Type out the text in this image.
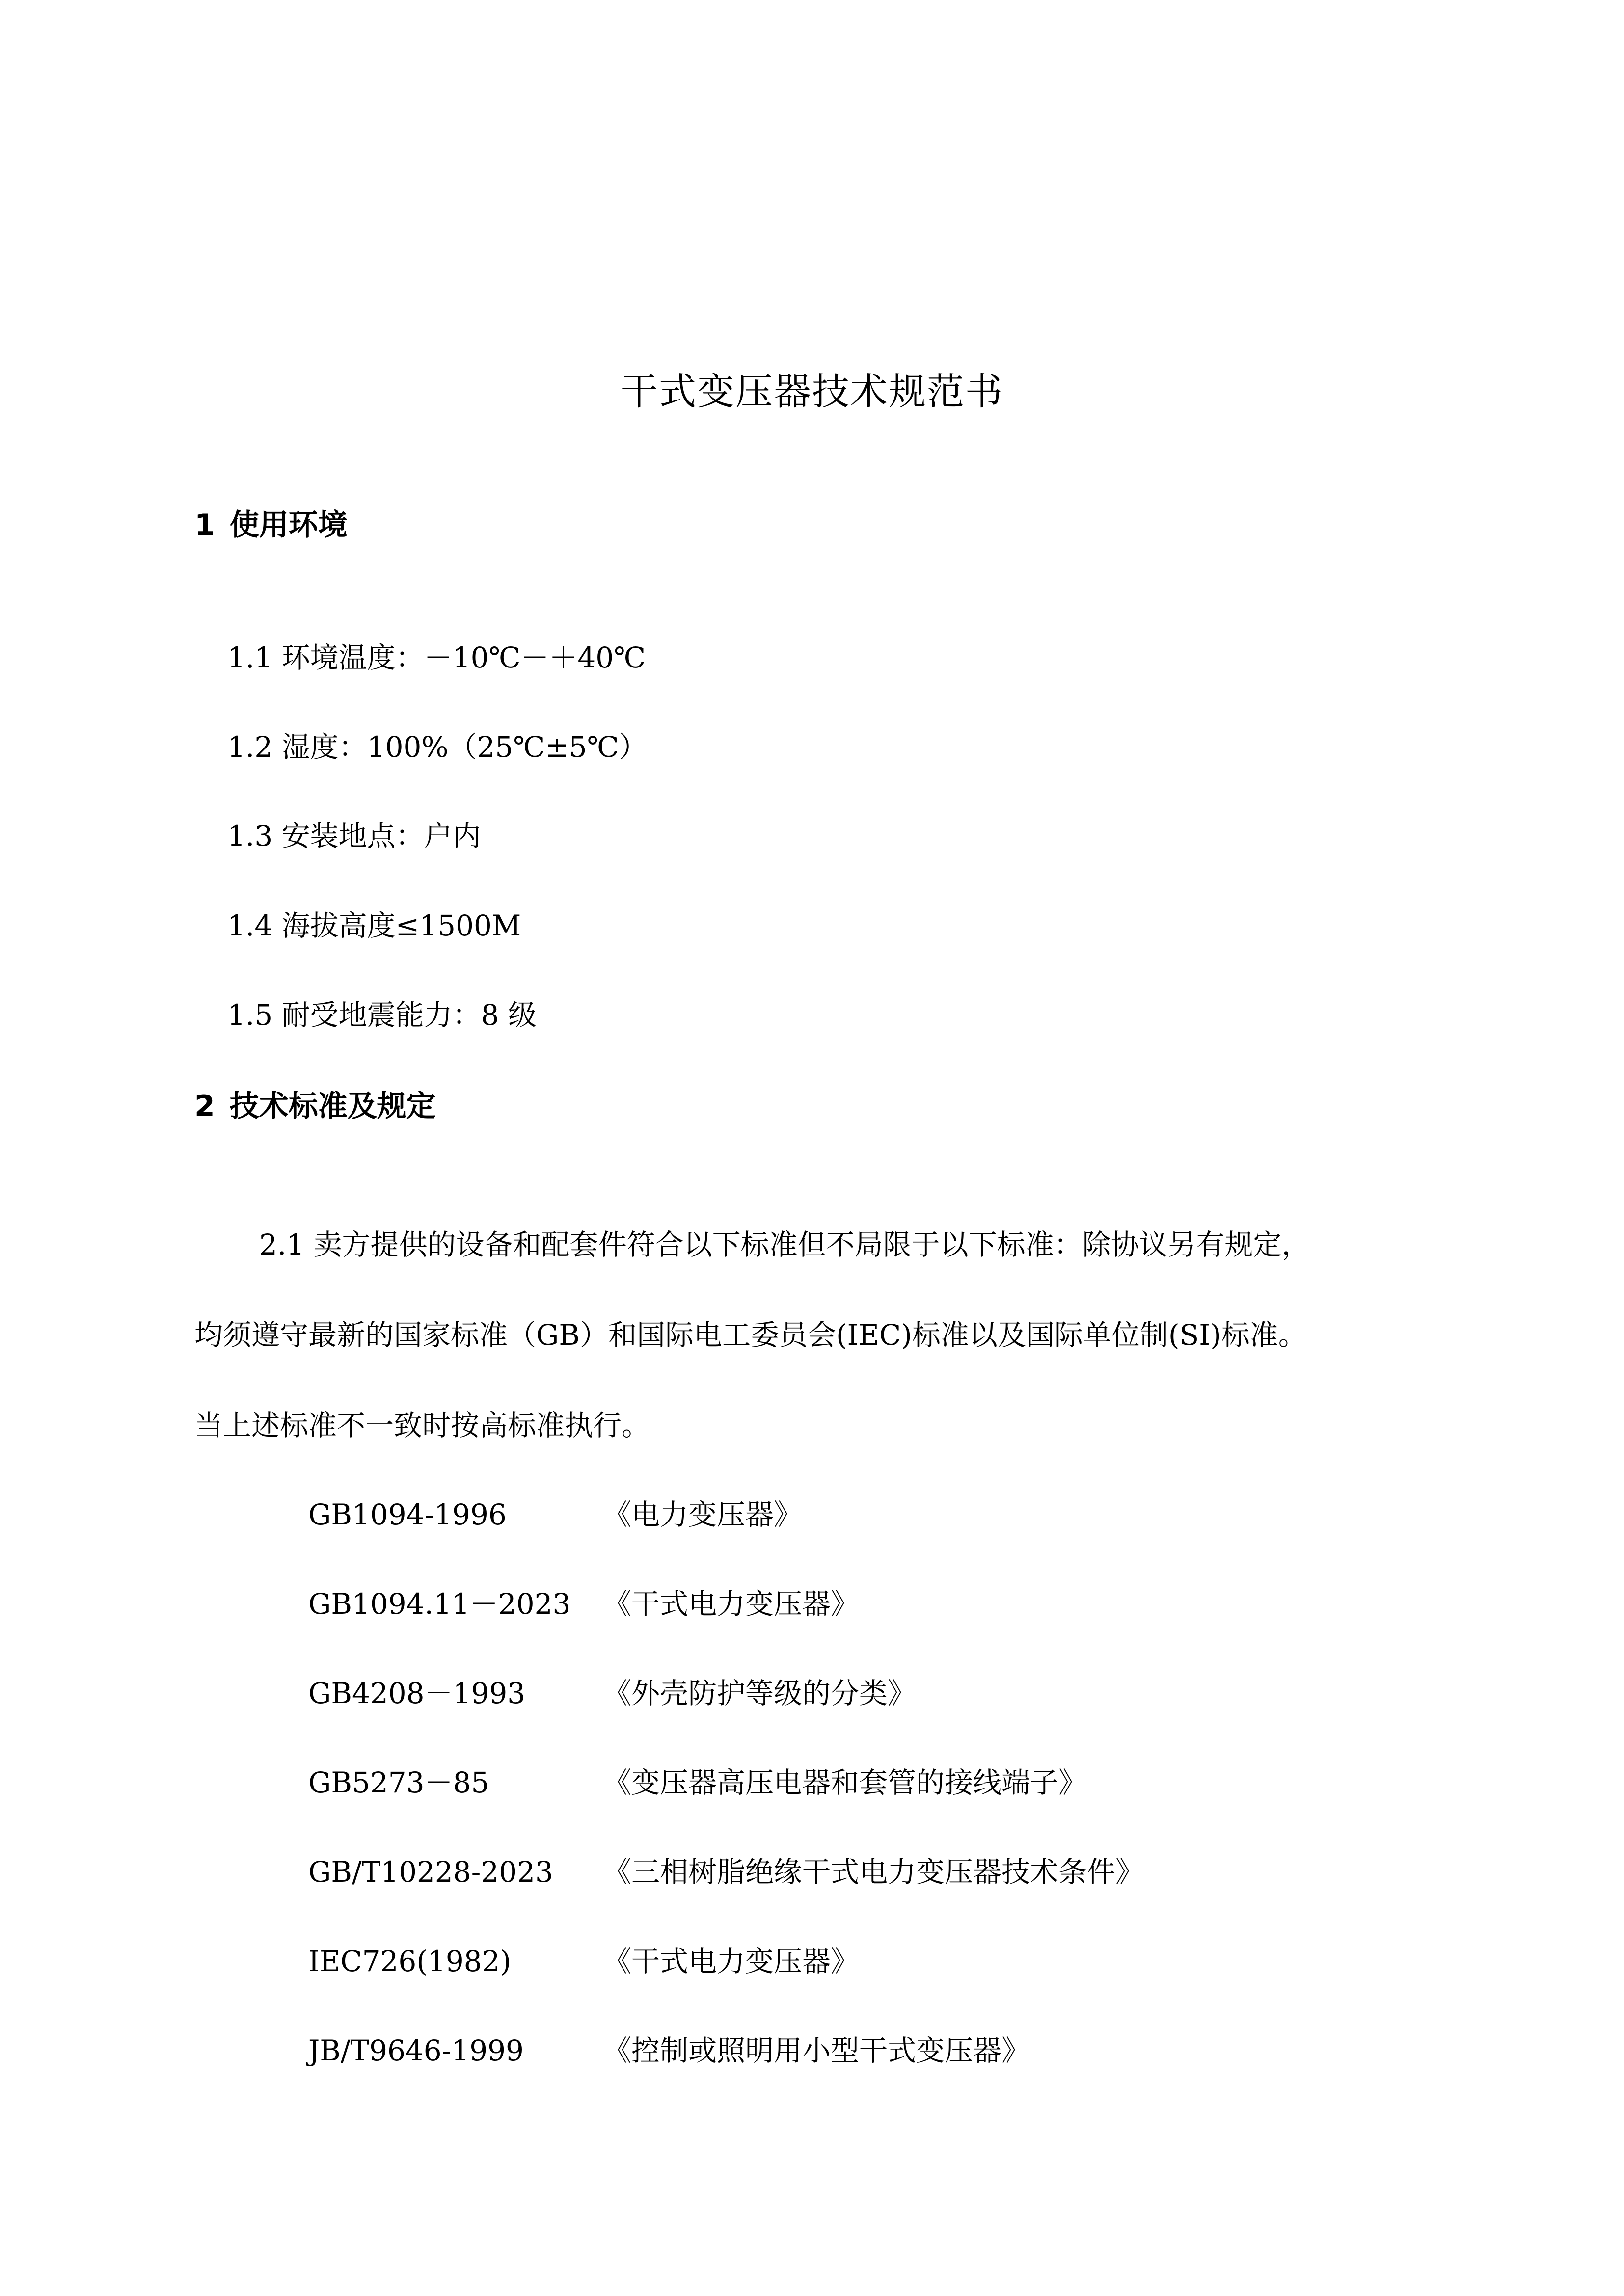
干式变压器技术规范书
1 使用环境
1.1 环境温度：－10℃－＋40℃
1.2 湿度：100%（25℃±5℃）
1.3 安装地点：户内
1.4 海拔高度≤1500M
1.5 耐受地震能力：8 级
2 技术标准及规定
2.1 卖方提供的设备和配套件符合以下标准但不局限于以下标准：除协议另有规定，
均须遵守最新的国家标准（GB）和国际电工委员会(IEC)标准以及国际单位制(SI)标准。
当上述标准不一致时按高标准执行。
GB1094-1996	《电力变压器》
GB1094.11－2023 《干式电力变压器》
GB4208－1993	《外壳防护等级的分类》
GB5273－85	《变压器高压电器和套管的接线端子》
GB/T10228-2023 《三相树脂绝缘干式电力变压器技术条件》
IEC726(1982)	《干式电力变压器》
JB/T9646-1999	《控制或照明用小型干式变压器》
